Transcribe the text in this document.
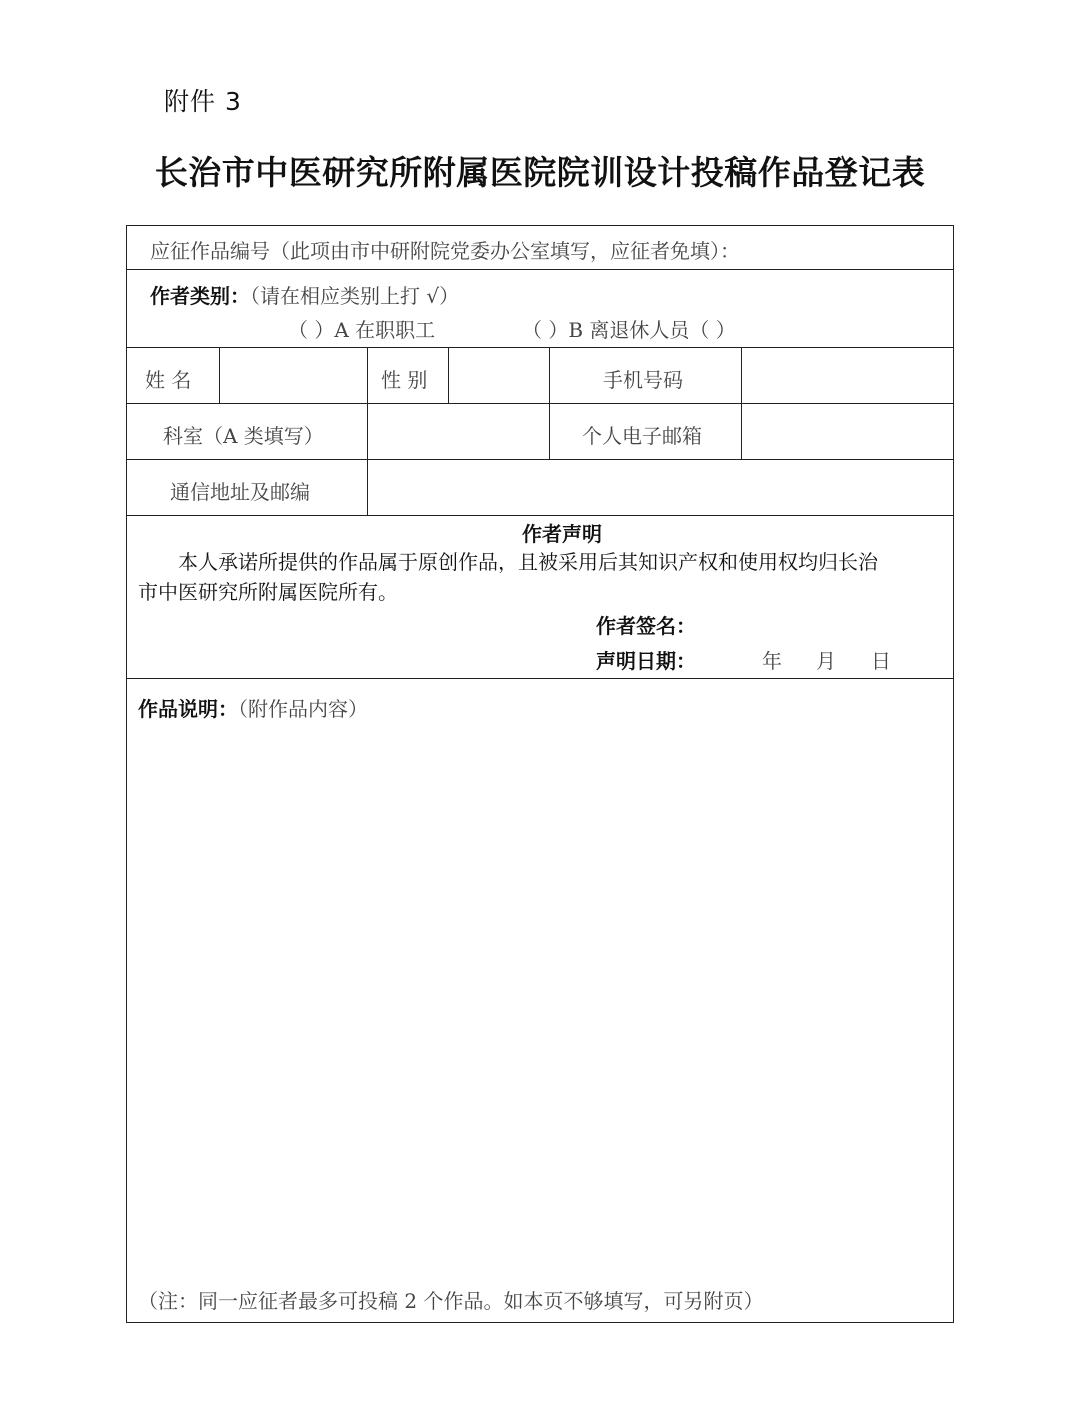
附件 3
长治市中医研究所附属医院院训设计投稿作品登记表
应征作品编号（此项由市中研附院党委办公室填写，应征者免填）：
作者类别：（请在相应类别上打 √）
（ ）A 在职职工	（ ）B 离退休人员（ ）
姓 名	性 别	手机号码
科室（A 类填写）	个人电子邮箱
通信地址及邮编
作者声明
本人承诺所提供的作品属于原创作品，且被采用后其知识产权和使用权均归长治
市中医研究所附属医院所有。
作者签名：
声明日期：	年 月 日
作品说明：（附作品内容）
（注：同一应征者最多可投稿 2 个作品。如本页不够填写，可另附页）
